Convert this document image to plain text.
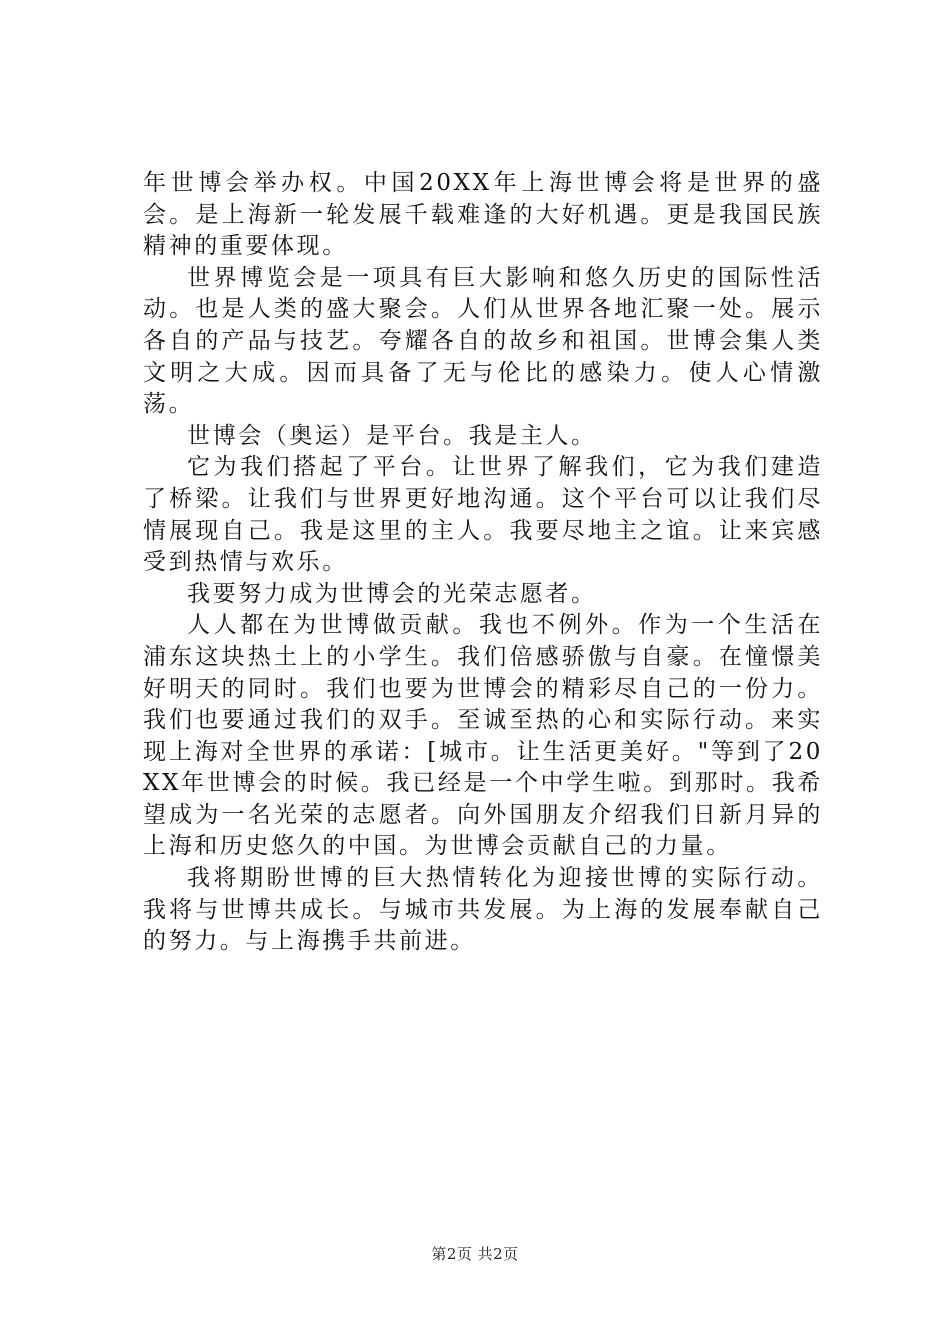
年世博会举办权。中国20XX年上海世博会将是世界的盛会。是上海新一轮发展千载难逢的大好机遇。更是我国民族精神的重要体现。

世界博览会是一项具有巨大影响和悠久历史的国际性活动。也是人类的盛大聚会。人们从世界各地汇聚一处。展示各自的产品与技艺。夸耀各自的故乡和祖国。世博会集人类文明之大成。因而具备了无与伦比的感染力。使人心情激荡。

世博会（奥运）是平台。我是主人。

它为我们搭起了平台。让世界了解我们，它为我们建造了桥梁。让我们与世界更好地沟通。这个平台可以让我们尽情展现自己。我是这里的主人。我要尽地主之谊。让来宾感受到热情与欢乐。

我要努力成为世博会的光荣志愿者。

人人都在为世博做贡献。我也不例外。作为一个生活在浦东这块热土上的小学生。我们倍感骄傲与自豪。在憧憬美好明天的同时。我们也要为世博会的精彩尽自己的一份力。我们也要通过我们的双手。至诚至热的心和实际行动。来实现上海对全世界的承诺：[城市。让生活更美好。"等到了20XX年世博会的时候。我已经是一个中学生啦。到那时。我希望成为一名光荣的志愿者。向外国朋友介绍我们日新月异的上海和历史悠久的中国。为世博会贡献自己的力量。

我将期盼世博的巨大热情转化为迎接世博的实际行动。我将与世博共成长。与城市共发展。为上海的发展奉献自己的努力。与上海携手共前进。

第2页 共2页
